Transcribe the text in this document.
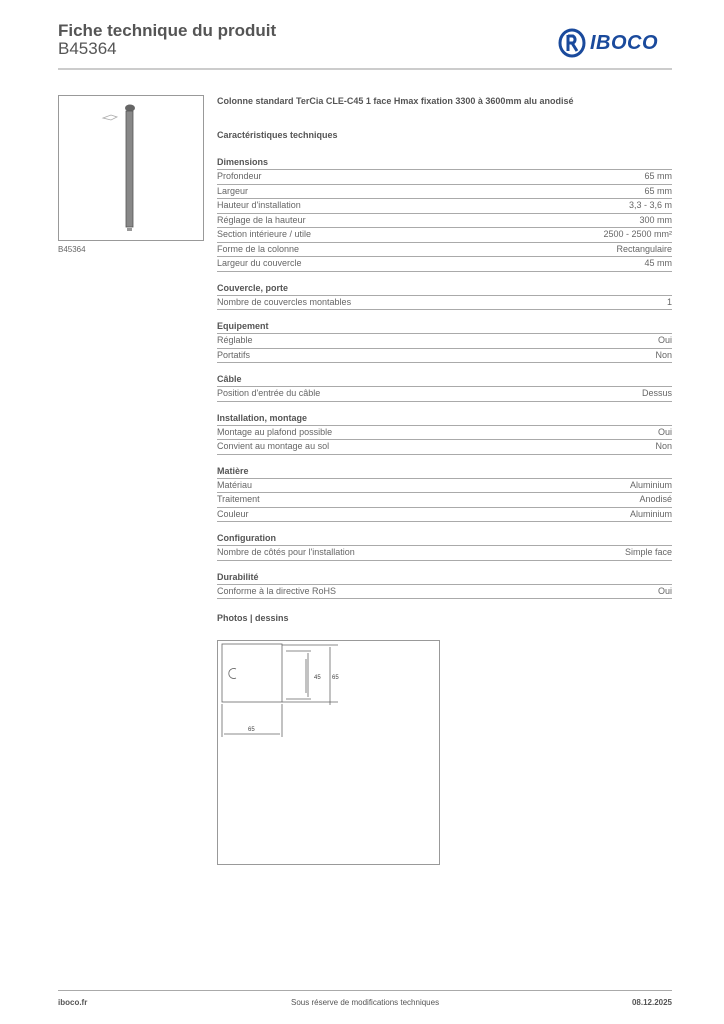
Fiche technique du produit
B45364	IBOCO
B45364
Colonne standard TerCia CLE-C45 1 face Hmax fixation 3300 à 3600mm alu anodisé
Caractéristiques techniques
Dimensions
Profondeur	65 mm
Largeur	65 mm
Hauteur d'installation	3,3 - 3,6 m
Réglage de la hauteur	300 mm
Section intérieure / utile	2500 - 2500 mm²
Forme de la colonne	Rectangulaire
Largeur du couvercle	45 mm
Couvercle, porte
Nombre de couvercles montables	1
Equipement
Réglable	Oui
Portatifs	Non
Câble
Position d'entrée du câble	Dessus
Installation, montage
Montage au plafond possible	Oui
Convient au montage au sol	Non
Matière
Matériau	Aluminium
Traitement	Anodisé
Couleur	Aluminium
Configuration
Nombre de côtés pour l'installation	Simple face
Durabilité
Conforme à la directive RoHS	Oui
Photos | dessins
65
45 65
iboco.fr	Sous réserve de modifications techniques	08.12.2025
